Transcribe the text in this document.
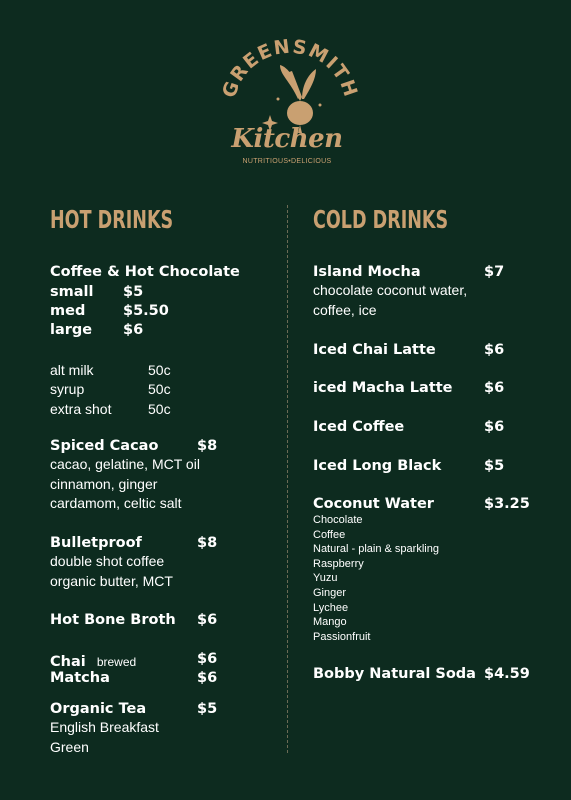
GREENSMITH
Kitchen
NUTRITIOUS•DELICIOUS
HOT DRINKS	COLD DRINKS
Coffee & Hot Chocolate
small $5
med	$5.50
large $6
alt milk	50c
syrup	50c
extra shot	50c
Spiced Cacao	$8
cacao, gelatine, MCT oil
cinnamon, ginger
cardamom, celtic salt
Bulletproof	$8
double shot coffee
organic butter, MCT
Hot Bone Broth	$6
Chai brewed	$6
Matcha	$6
Organic Tea	$5
English Breakfast
Green
Island Mocha	$7
chocolate coconut water,
coffee, ice
Iced Chai Latte	$6
iced Macha Latte	$6
Iced Coffee	$6
Iced Long Black	$5
Coconut Water	$3.25
Chocolate
Coffee
Natural - plain & sparkling
Raspberry
Yuzu
Ginger
Lychee
Mango
Passionfruit
Bobby Natural Soda $4.59
